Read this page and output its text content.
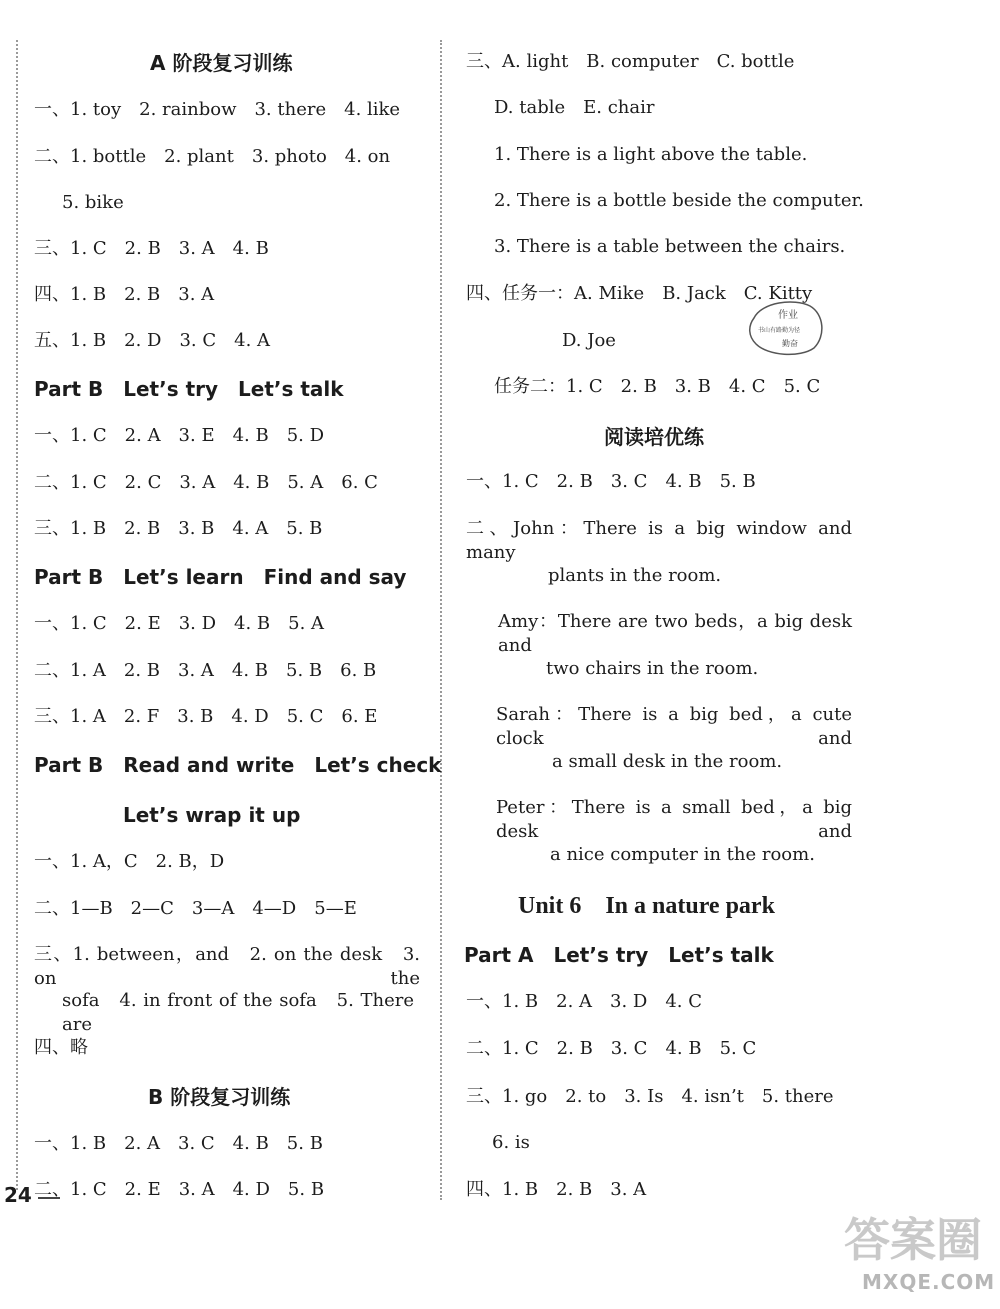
A 阶段复习训练
一、1. toy　2. rainbow　3. there　4. like
二、1. bottle　2. plant　3. photo　4. on
5. bike
三、1. C　2. B　3. A　4. B
四、1. B　2. B　3. A
五、1. B　2. D　3. C　4. A
Part B　Let’s try　Let’s talk
一、1. C　2. A　3. E　4. B　5. D
二、1. C　2. C　3. A　4. B　5. A　6. C
三、1. B　2. B　3. B　4. A　5. B
Part B　Let’s learn　Find and say
一、1. C　2. E　3. D　4. B　5. A
二、1. A　2. B　3. A　4. B　5. B　6. B
三、1. A　2. F　3. B　4. D　5. C　6. E
Part B　Read and write　Let’s check
Let’s wrap it up
一、1. A，C　2. B，D
二、1—B　2—C　3—A　4—D　5—E
三、1. between，and　2. on the desk　3. on the
sofa　4. in front of the sofa　5. There are
四、略
B 阶段复习训练
一、1. B　2. A　3. C　4. B　5. B
二、1. C　2. E　3. A　4. D　5. B
24
三、A. light　B. computer　C. bottle
D. table　E. chair
1. There is a light above the table.
2. There is a bottle beside the computer.
3. There is a table between the chairs.
四、任务一：A. Mike　B. Jack　C. Kitty
D. Joe
任务二：1. C　2. B　3. B　4. C　5. C
作业
书山有路勤为径
勤奋
阅读培优练
一、1. C　2. B　3. C　4. B　5. B
二、John：There is a big window and many
plants in the room.
Amy：There are two beds，a big desk and
two chairs in the room.
Sarah：There is a big bed，a cute clock and
a small desk in the room.
Peter：There is a small bed，a big desk and
a nice computer in the room.
Unit 6　In a nature park
Part A　Let’s try　Let’s talk
一、1. B　2. A　3. D　4. C
二、1. C　2. B　3. C　4. B　5. C
三、1. go　2. to　3. Is　4. isn’t　5. there
6. is
四、1. B　2. B　3. A
答案圈
MXQE.COM
